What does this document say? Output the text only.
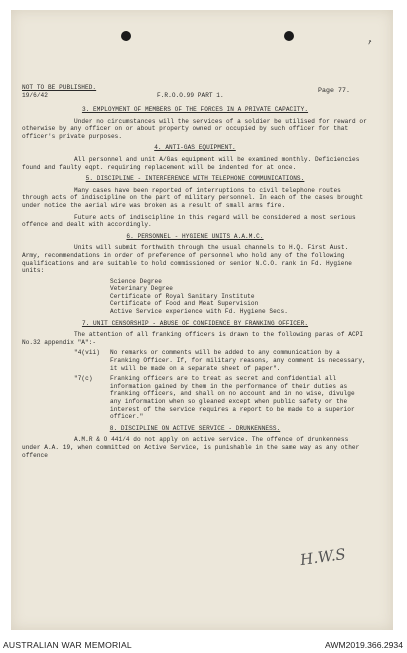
↗
NOT TO BE PUBLISHED.
19/6/42	F.R.O.O.99 PART 1.
Page 77.
3. EMPLOYMENT OF MEMBERS OF THE FORCES IN A PRIVATE CAPACITY.
Under no circumstances will the services of a soldier be utilised for reward or otherwise by any officer on or about property owned or occupied by such officer for that officer's private purposes.
4. ANTI-GAS EQUIPMENT.
All personnel and unit A/Gas equipment will be examined monthly. Deficiencies found and faulty eqpt. requiring replacement will be indented for at once.
5. DISCIPLINE - INTERFERENCE WITH TELEPHONE COMMUNICATIONS.
Many cases have been reported of interruptions to civil telephone routes through acts of indiscipline on the part of military personnel. In each of the cases brought under notice the aerial wire was broken as a result of small arms fire.
Future acts of indiscipline in this regard will be considered a most serious offence and dealt with accordingly.
6. PERSONNEL - HYGIENE UNITS A.A.M.C.
Units will submit forthwith through the usual channels to H.Q. First Aust. Army, recommendations in order of preference of personnel who hold any of the following qualifications and are suitable to hold commissioned or senior N.C.O. rank in Fd. Hygiene units:
Science Degree
Veterinary Degree
Certificate of Royal Sanitary Institute
Certificate of Food and Meat Supervision
Active Service experience with Fd. Hygiene Secs.
7. UNIT CENSORSHIP - ABUSE OF CONFIDENCE BY FRANKING OFFICER.
The attention of all franking officers is drawn to the following paras of ACPI No.32 appendix "A":-
"4(vii) No remarks or comments will be added to any communication by a Franking Officer. If, for military reasons, any comment is necessary, it will be made on a separate sheet of paper".
"7(c)	Franking officers are to treat as secret and confidential all information gained by them in the performance of their duties as franking officers, and shall on no account and in no wise, divulge any information when so gleaned except when public safety or the interest of the service requires a report to be made to a superior officer."
8. DISCIPLINE ON ACTIVE SERVICE - DRUNKENNESS.
A.M.R & O 441/4 do not apply on active service. The offence of drunkenness under A.A. 19, when committed on Active Service, is punishable in the same way as any other offence
H.W.S
AUSTRALIAN WAR MEMORIAL	AWM2019.366.2934
